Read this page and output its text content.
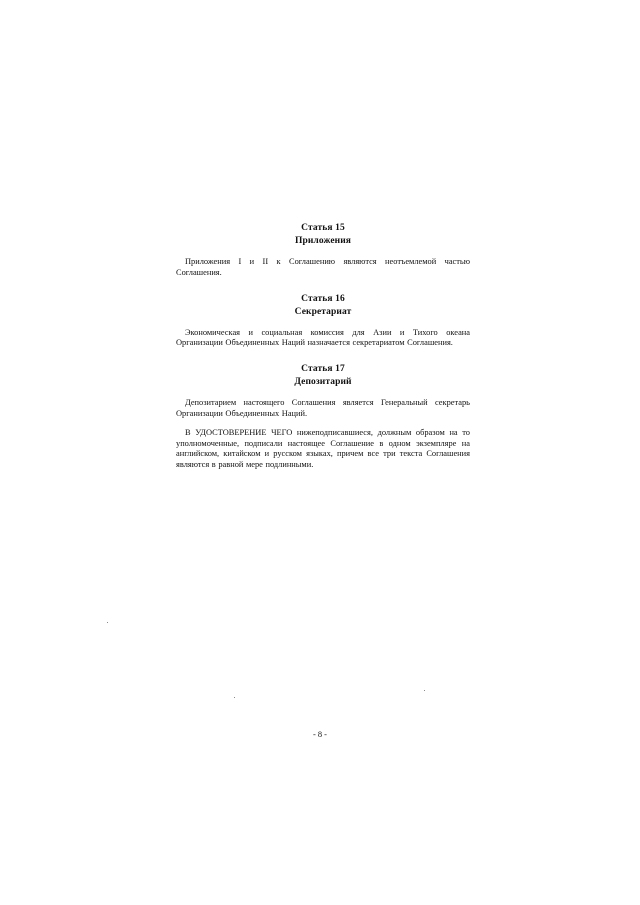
Статья 15
Приложения

Приложения I и II к Соглашению являются неотъемлемой частью Соглашения.

Статья 16
Секретариат

Экономическая и социальная комиссия для Азии и Тихого океана Организации Объединенных Наций назначается секретариатом Соглашения.

Статья 17
Депозитарий

Депозитарием настоящего Соглашения является Генеральный секретарь Организации Объединенных Наций.

В УДОСТОВЕРЕНИЕ ЧЕГО нижеподписавшиеся, должным образом на то уполномоченные, подписали настоящее Соглашение в одном экземпляре на английском, китайском и русском языках, причем все три текста Соглашения являются в равной мере подлинными.

- 8 -
